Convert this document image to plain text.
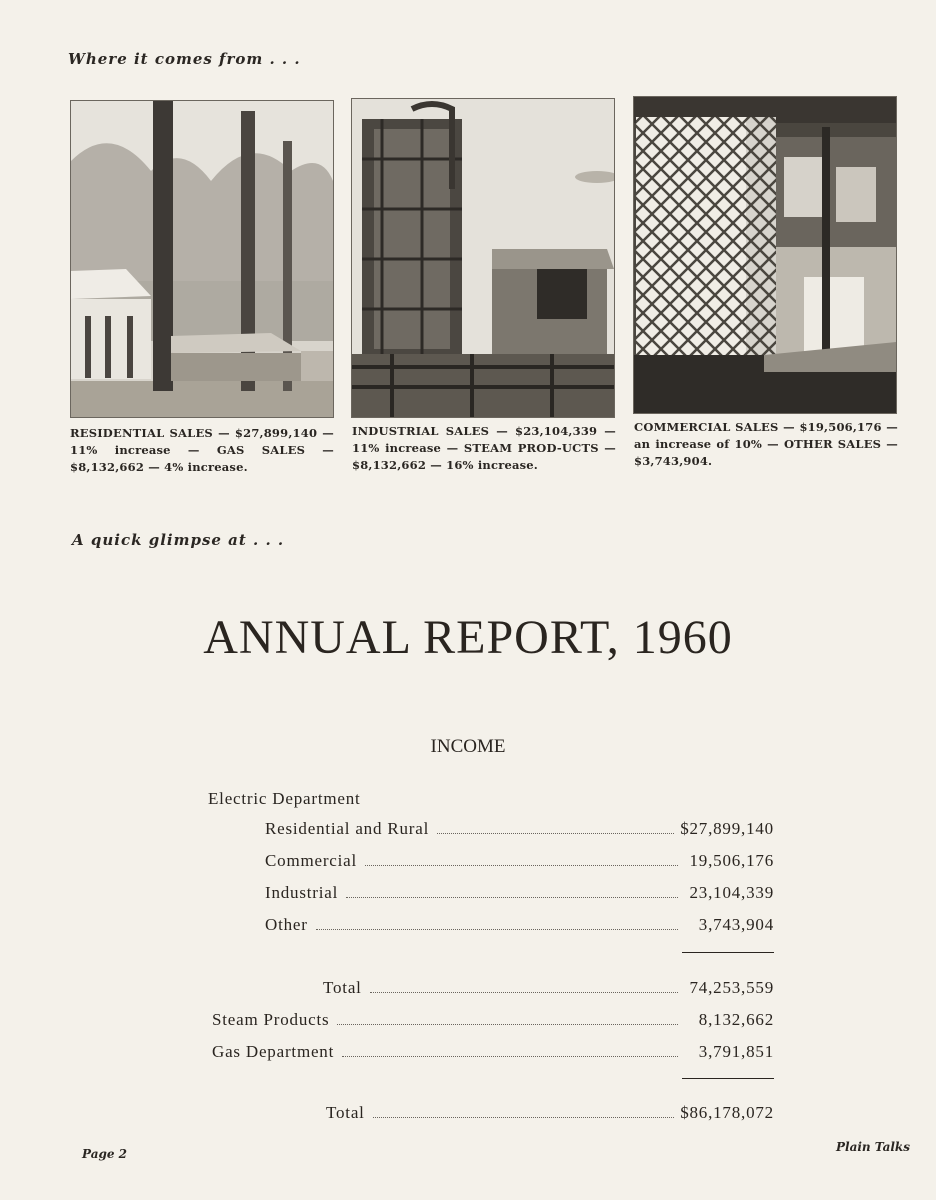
Where it comes from . . .
RESIDENTIAL SALES — $27,899,140 — 11% increase — GAS SALES — $8,132,662 — 4% increase.
INDUSTRIAL SALES — $23,104,339 — 11% increase — STEAM PROD-UCTS — $8,132,662 — 16% increase.
COMMERCIAL SALES — $19,506,176 — an increase of 10% — OTHER SALES — $3,743,904.
A quick glimpse at . . .
ANNUAL REPORT, 1960
INCOME
Electric Department
Residential and Rural	$27,899,140
Commercial	19,506,176
Industrial	23,104,339
Other	3,743,904
Total	74,253,559
Steam Products	8,132,662
Gas Department	3,791,851
Total	$86,178,072
Page 2	Plain Talks
